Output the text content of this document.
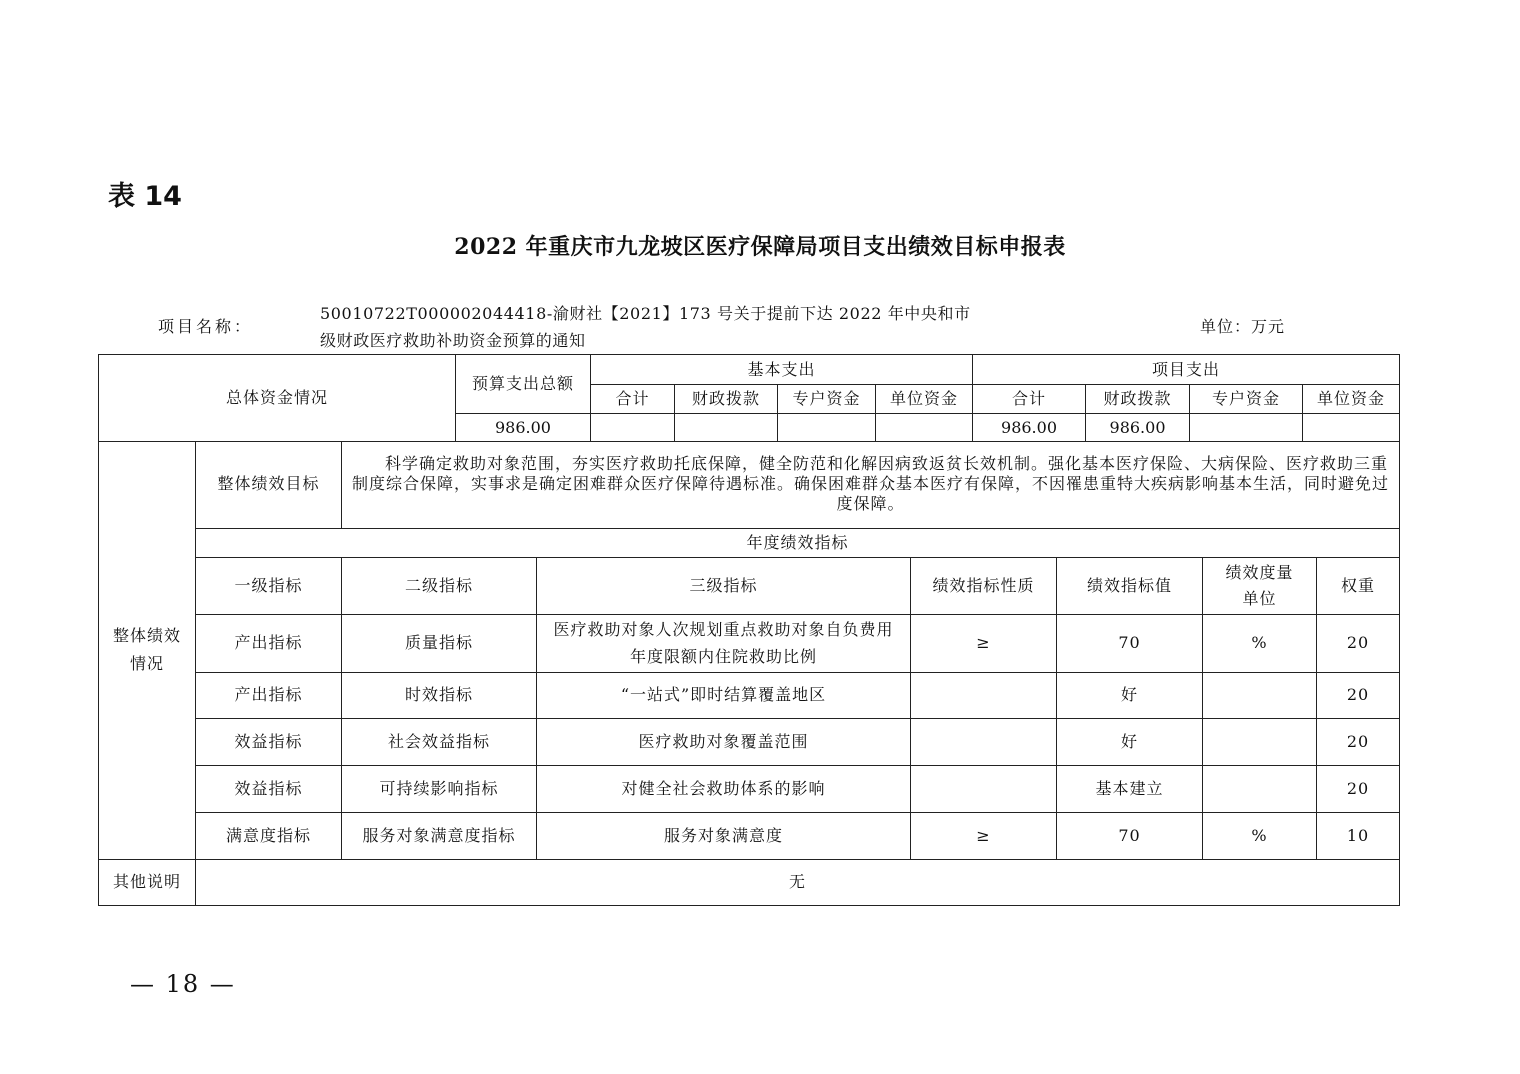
表 14
2022 年重庆市九龙坡区医疗保障局项目支出绩效目标申报表
项目名称：
50010722T000002044418-渝财社【2021】173 号关于提前下达 2022 年中央和市级财政医疗救助补助资金预算的通知
单位：万元
总体资金情况	预算支出总额	基本支出				项目支出			
		合计	财政拨款	专户资金	单位资金	合计	财政拨款	专户资金	单位资金
	986.00					986.00	986.00		
整体绩效情况	整体绩效目标	科学确定救助对象范围，夯实医疗救助托底保障，健全防范和化解因病致返贫长效机制。强化基本医疗保险、大病保险、医疗救助三重制度综合保障，实事求是确定困难群众医疗保障待遇标准。确保困难群众基本医疗有保障，不因罹患重特大疾病影响基本生活，同时避免过度保障。					
	年度绩效指标						
	一级指标	二级指标	三级指标	绩效指标性质	绩效指标值	绩效度量单位	权重
	产出指标	质量指标	医疗救助对象人次规划重点救助对象自负费用年度限额内住院救助比例	≥	70	%	20
	产出指标	时效指标	“一站式”即时结算覆盖地区		好		20
	效益指标	社会效益指标	医疗救助对象覆盖范围		好		20
	效益指标	可持续影响指标	对健全社会救助体系的影响		基本建立		20
	满意度指标	服务对象满意度指标	服务对象满意度	≥	70	%	10
其他说明	无						
— 18 —
